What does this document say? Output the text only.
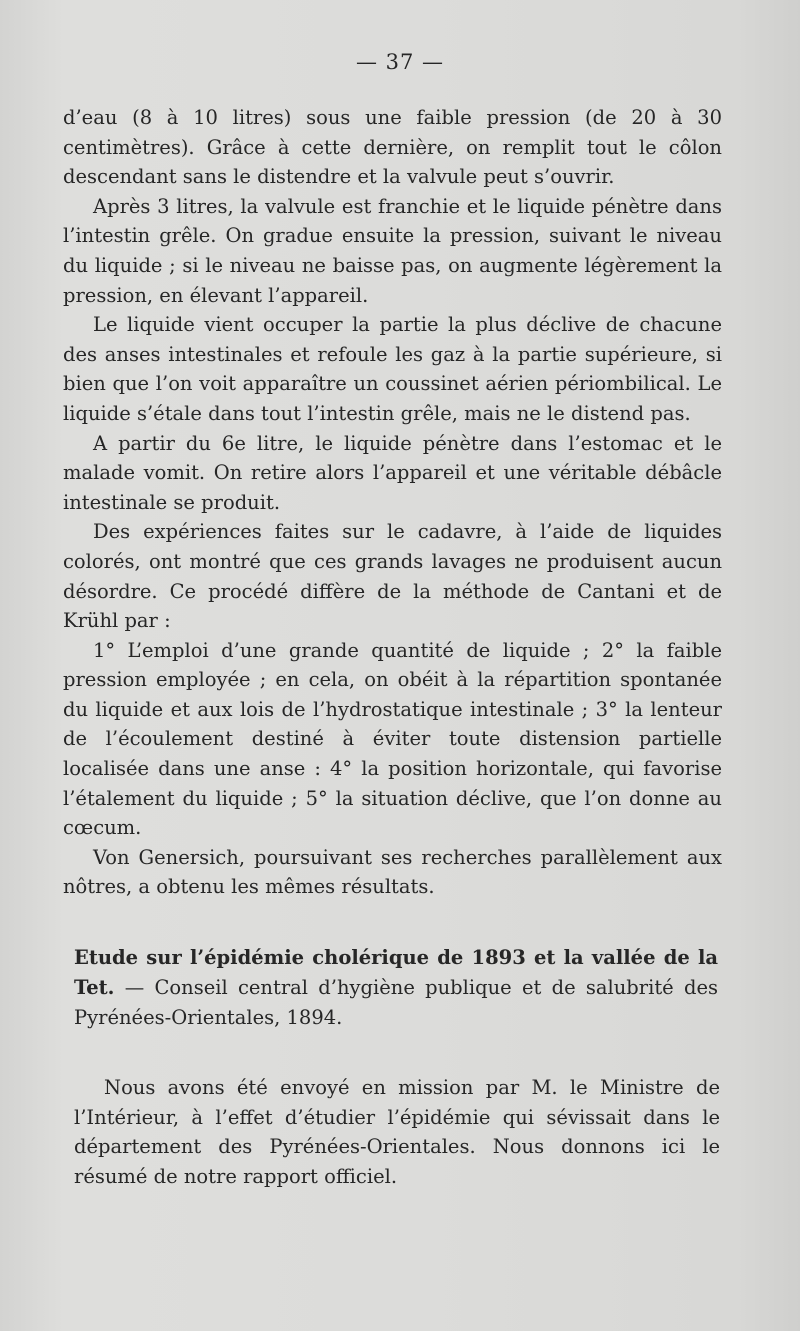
— 37 —

d’eau (8 à 10 litres) sous une faible pression (de 20 à 30 centimètres). Grâce à cette dernière, on remplit tout le côlon descendant sans le distendre et la valvule peut s’ouvrir.

Après 3 litres, la valvule est franchie et le liquide pénètre dans l’intestin grêle. On gradue ensuite la pression, suivant le niveau du liquide ; si le niveau ne baisse pas, on augmente légèrement la pression, en élevant l’appareil.

Le liquide vient occuper la partie la plus déclive de chacune des anses intestinales et refoule les gaz à la partie supérieure, si bien que l’on voit apparaître un coussinet aérien périombilical. Le liquide s’étale dans tout l’intestin grêle, mais ne le distend pas.

A partir du 6e litre, le liquide pénètre dans l’estomac et le malade vomit. On retire alors l’appareil et une véritable débâcle intestinale se produit.

Des expériences faites sur le cadavre, à l’aide de liquides colorés, ont montré que ces grands lavages ne produisent aucun désordre. Ce procédé diffère de la méthode de Cantani et de Krühl par :

1° L’emploi d’une grande quantité de liquide ; 2° la faible pression employée ; en cela, on obéit à la répartition spontanée du liquide et aux lois de l’hydrostatique intestinale ; 3° la lenteur de l’écoulement destiné à éviter toute distension partielle localisée dans une anse : 4° la position horizontale, qui favorise l’étalement du liquide ; 5° la situation déclive, que l’on donne au cœcum.

Von Genersich, poursuivant ses recherches parallèlement aux nôtres, a obtenu les mêmes résultats.

Etude sur l’épidémie cholérique de 1893 et la vallée de la Tet. — Conseil central d’hygiène publique et de salubrité des Pyrénées-Orientales, 1894.

Nous avons été envoyé en mission par M. le Ministre de l’Intérieur, à l’effet d’étudier l’épidémie qui sévissait dans le département des Pyrénées-Orientales. Nous donnons ici le résumé de notre rapport officiel.
